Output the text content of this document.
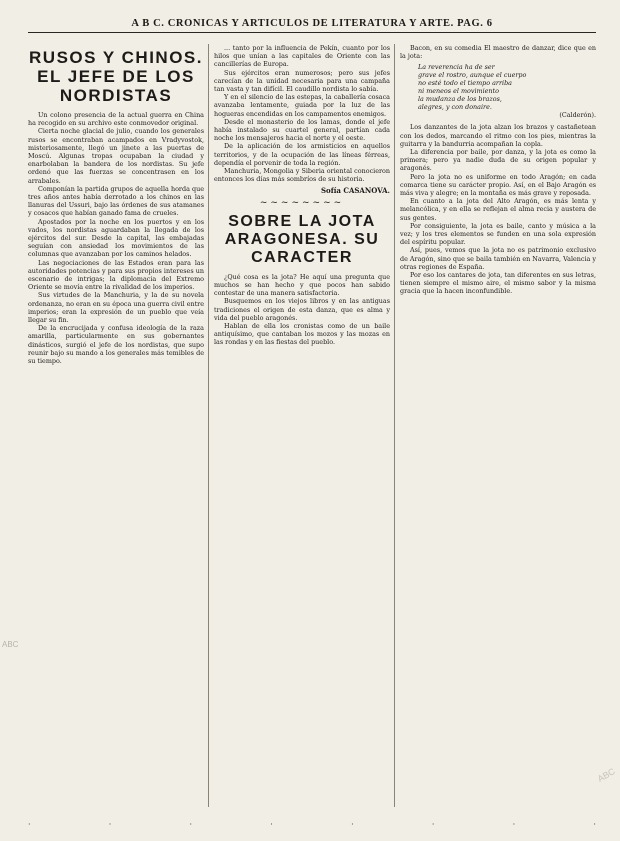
A B C. CRONICAS Y ARTICULOS DE LITERATURA Y ARTE. PAG. 6
RUSOS Y CHINOS. EL JEFE DE LOS NORDISTAS

Un colono presencia de la actual guerra en China ha recogido en su archivo este conmovedor original.

Cierta noche glacial de julio, cuando los generales rusos se encontraban acampados en Vradyvostok, misteriosamente, llegó un jinete a las puertas de Moscú. Algunas tropas ocupaban la ciudad y enarbolaban la bandera de los nordistas. Su jefe ordenó que las fuerzas se concentrasen en los arrabales.

Componían la partida grupos de aquella horda que tres años antes había derrotado a los chinos en las llanuras del Ussuri, bajo las órdenes de sus atamanes y cosacos que habían ganado fama de crueles.

Apostados por la noche en los puertos y en los vados, los nordistas aguardaban la llegada de los ejércitos del sur. Desde la capital, las embajadas seguían con ansiedad los movimientos de las columnas que avanzaban por los caminos helados.

Las negociaciones de las Estados eran para las autoridades potencias y para sus propios intereses un escenario de intrigas; la diplomacia del Extremo Oriente se movía entre la rivalidad de los imperios.

Sus virtudes de la Manchuria, y la de su novela ordenanza, no eran en su época una guerra civil entre imperios; eran la expresión de un pueblo que veía llegar su fin.

De la encrucijada y confusa ideología de la raza amarilla, particularmente en sus gobernantes dinásticos, surgió el jefe de los nordistas, que supo reunir bajo su mando a los generales más temibles de su tiempo.

... tanto por la influencia de Pekín, cuanto por los hilos que unían a las capitales de Oriente con las cancillerías de Europa.

Sus ejércitos eran numerosos; pero sus jefes carecían de la unidad necesaria para una campaña tan vasta y tan difícil. El caudillo nordista lo sabía.

Y en el silencio de las estepas, la caballería cosaca avanzaba lentamente, guiada por la luz de las hogueras encendidas en los campamentos enemigos.

Desde el monasterio de los lamas, donde el jefe había instalado su cuartel general, partían cada noche los mensajeros hacia el norte y el oeste.

De la aplicación de los armisticios en aquellos territorios, y de la ocupación de las líneas férreas, dependía el porvenir de toda la región.

Manchuria, Mongolia y Siberia oriental conocieron entonces los días más sombríos de su historia.

Sofía CASANOVA.
~~~~~~~~
SOBRE LA JOTA ARAGONESA. SU CARACTER

¿Qué cosa es la jota? He aquí una pregunta que muchos se han hecho y que pocos han sabido contestar de una manera satisfactoria.

Busquemos en los viejos libros y en las antiguas tradiciones el origen de esta danza, que es alma y vida del pueblo aragonés.

Hablan de ella los cronistas como de un baile antiquísimo, que cantaban los mozos y las mozas en las rondas y en las fiestas del pueblo.

Bacon, en su comedia El maestro de danzar, dice que en la jota:

La reverencia ha de ser
grave el rostro, aunque el cuerpo
no esté todo el tiempo arriba
ni meneos el movimiento
la mudanza de los brazos,
alegres, y con donaire.
(Calderón).

Los danzantes de la jota alzan los brazos y castañetean con los dedos, marcando el ritmo con los pies, mientras la guitarra y la bandurria acompañan la copla.

La diferencia por baile, por danza, y la jota es como la primera; pero ya nadie duda de su origen popular y aragonés.

Pero la jota no es uniforme en todo Aragón; en cada comarca tiene su carácter propio. Así, en el Bajo Aragón es más viva y alegre; en la montaña es más grave y reposada.

En cuanto a la jota del Alto Aragón, es más lenta y melancólica, y en ella se reflejan el alma recia y austera de sus gentes.

Por consiguiente, la jota es baile, canto y música a la vez; y los tres elementos se funden en una sola expresión del espíritu popular.

Así, pues, vemos que la jota no es patrimonio exclusivo de Aragón, sino que se baila también en Navarra, Valencia y otras regiones de España.

Por eso los cantares de jota, tan diferentes en sus letras, tienen siempre el mismo aire, el mismo sabor y la misma gracia que la hacen inconfundible.

·	·	·	·	·	·	·	·
ABC
ABC
